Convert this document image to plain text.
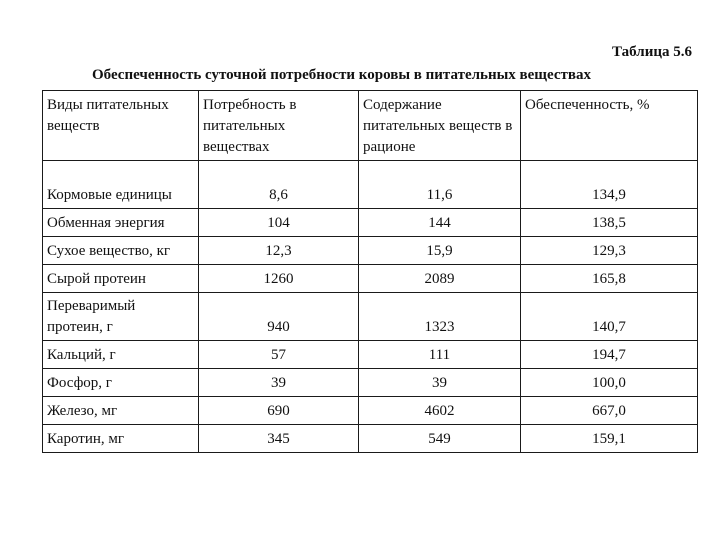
Таблица 5.6
Обеспеченность суточной потребности коровы в питательных веществах
Виды питательных веществ	Потребность в питательных веществах	Содержание питательных веществ в рационе	Обеспеченность, %
Кормовые единицы	8,6	11,6	134,9
Обменная энергия	104	144	138,5
Сухое вещество, кг	12,3	15,9	129,3
Сырой протеин	1260	2089	165,8
Переваримый протеин, г	940	1323	140,7
Кальций, г	57	111	194,7
Фосфор, г	39	39	100,0
Железо, мг	690	4602	667,0
Каротин, мг	345	549	159,1
